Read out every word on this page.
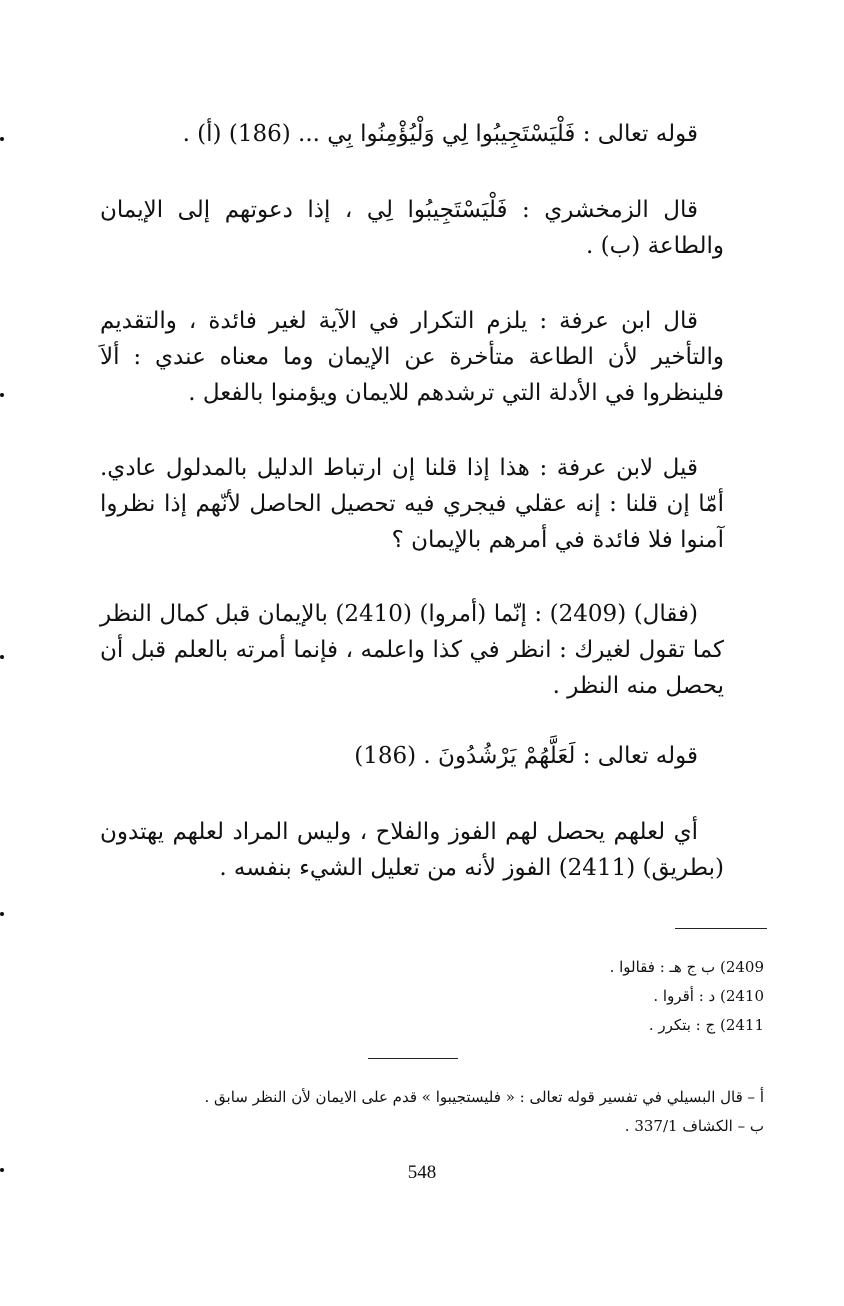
قوله تعالى : فَلْيَسْتَجِيبُوا لِي وَلْيُؤْمِنُوا بِي ... (186) (أ) .
قال الزمخشري : فَلْيَسْتَجِيبُوا لِي ، إذا دعوتهم إلى الإيمان والطاعة (ب) .
قال ابن عرفة : يلزم التكرار في الآية لغير فائدة ، والتقديم والتأخير لأن الطاعة متأخرة عن الإيمان وما معناه عندي : ألاَ فلينظروا في الأدلة التي ترشدهم للايمان ويؤمنوا بالفعل .
قيل لابن عرفة : هذا إذا قلنا إن ارتباط الدليل بالمدلول عادي. أمّا إن قلنا : إنه عقلي فيجري فيه تحصيل الحاصل لأنّهم إذا نظروا آمنوا فلا فائدة في أمرهم بالإيمان ؟
(فقال) (2409) : إنّما (أمروا) (2410) بالإيمان قبل كمال النظر كما تقول لغيرك : انظر في كذا واعلمه ، فإنما أمرته بالعلم قبل أن يحصل منه النظر .
قوله تعالى : لَعَلَّهُمْ يَرْشُدُونَ . (186)
أي لعلهم يحصل لهم الفوز والفلاح ، وليس المراد لعلهم يهتدون (بطريق) (2411) الفوز لأنه من تعليل الشيء بنفسه .
2409) ب ج هـ : فقالوا .
2410) د : أقروا .
2411) ج : بتكرر .
أ – قال البسيلي في تفسير قوله تعالى : « فليستجيبوا » قدم على الايمان لأن النظر سابق .
ب – الكشاف 337/1 .
548
